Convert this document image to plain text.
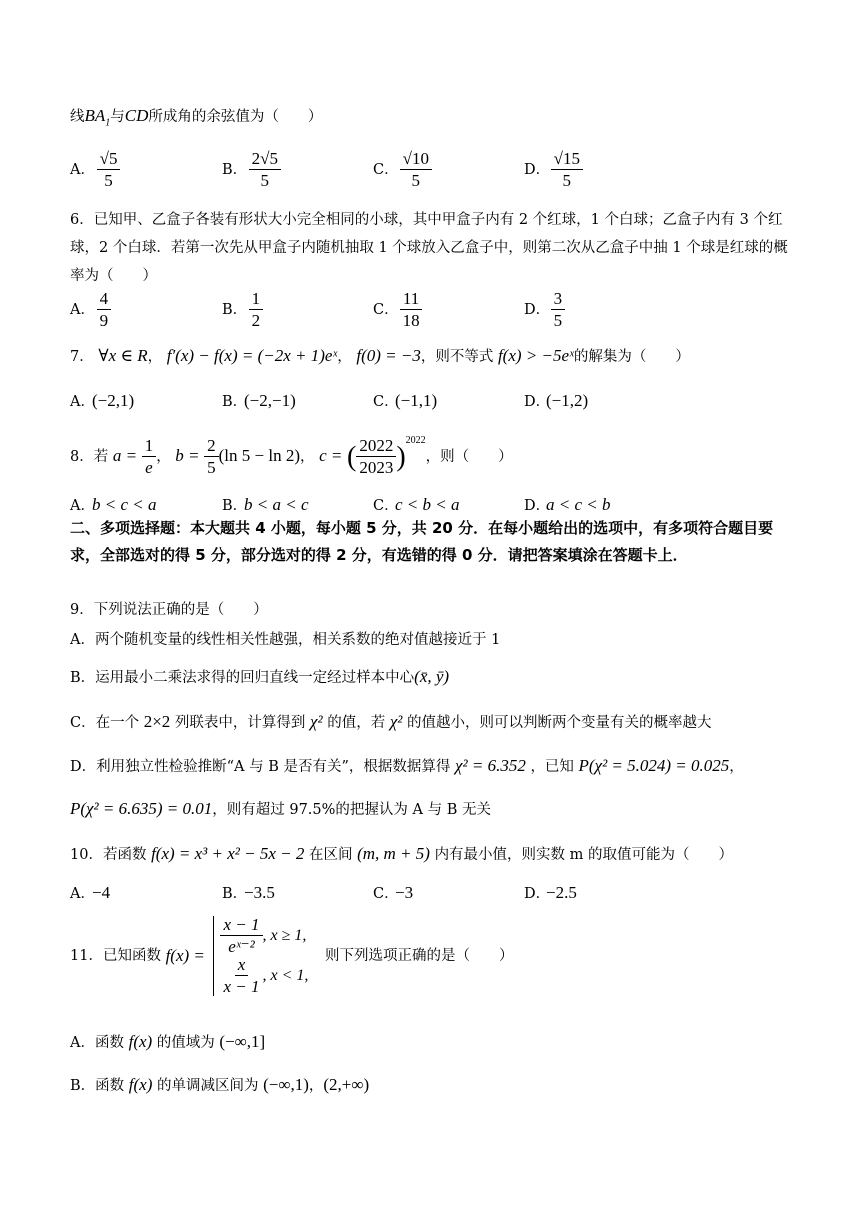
线$BA_1$与CD所成角的余弦值为（　　）
A． $\frac{√5}{5}$	B． $\frac{2√5}{5}$	C． $\frac{√10}{5}$	D． $\frac{√15}{5}$
6．已知甲、乙盒子各装有形状大小完全相同的小球，其中甲盒子内有 2 个红球，1 个白球；乙盒子内有 3 个红球，2 个白球．若第一次先从甲盒子内随机抽取 1 个球放入乙盒子中，则第二次从乙盒子中抽 1 个球是红球的概率为（　　）
A． $\frac{4}{9}$	B． $\frac{1}{2}$	C． $\frac{11}{18}$	D． $\frac{3}{5}$
7． ∀x ∈ R， f′(x) − f(x) = (−2x + 1)eˣ， f(0) = −3，则不等式 f(x) > −5eˣ的解集为（　　）
A．(−2,1)	B．(−2,−1)	C．(−1,1)	D．(−1,2)
8．若 $a = \frac{1}{e}$ ， $b = \frac{2}{5} (\ln$ 5 − ln 2)， c = ( $\frac{2022}{2023} )^{2022}$，则（　　）
A．b < c < a	B．b < a < c	C．c < b < a	D．a < c < b
二、多项选择题：本大题共 4 小题，每小题 5 分，共 20 分．在每小题给出的选项中，有多项符合题目要求，全部选对的得 5 分，部分选对的得 2 分，有选错的得 0 分．请把答案填涂在答题卡上．
9．下列说法正确的是（　　）
A．两个随机变量的线性相关性越强，相关系数的绝对值越接近于 1
B．运用最小二乘法求得的回归直线一定经过样本中心(x̄, ȳ)
C．在一个 2×2 列联表中，计算得到 χ² 的值，若 χ² 的值越小，则可以判断两个变量有关的概率越大
D．利用独立性检验推断“A 与 B 是否有关”，根据数据算得 χ² = 6.352 ，已知 P(χ² = 5.024) = 0.025，
P(χ² = 6.635) = 0.01，则有超过 97.5%的把握认为 A 与 B 无关
10．若函数 f(x) = x³ + x² − 5x − 2 在区间 (m, m + 5) 内有最小值，则实数 m 的取值可能为（　　）
A．−4	B．−3.5	C．−3	D．−2.5
11．已知函数 $f(x) = \frac{x - 1}{\text{eˣ⁻²}}$ , x ≥ 1,
$\frac{x}{x - 1}$ , x < 1,
则下列选项正确的是（　　）
A．函数 f(x) 的值域为 (−∞,1]
B．函数 f(x) 的单调减区间为 (−∞,1)，(2,+∞)
